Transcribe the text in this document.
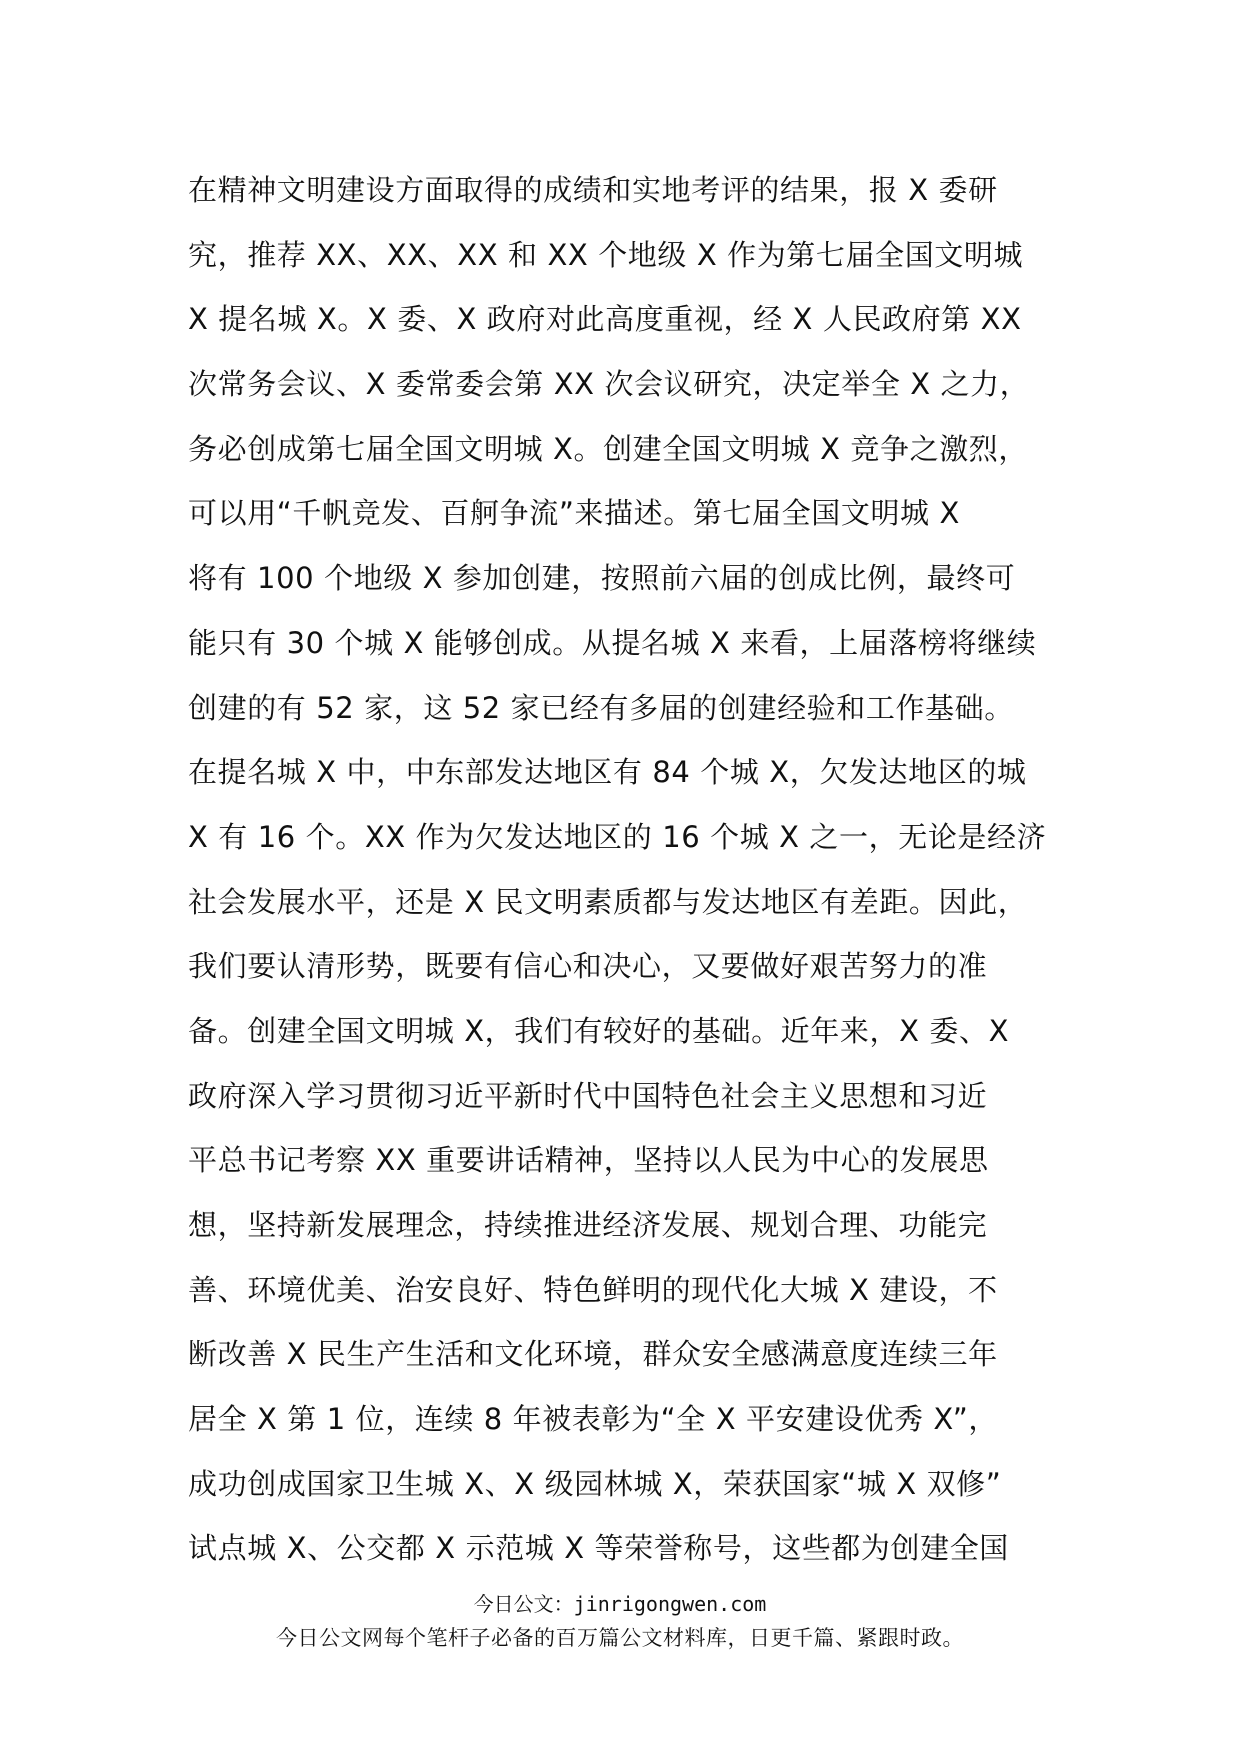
在精神文明建设方面取得的成绩和实地考评的结果，报 X 委研
究，推荐 XX、XX、XX 和 XX 个地级 X 作为第七届全国文明城
X 提名城 X。X 委、X 政府对此高度重视，经 X 人民政府第 XX
次常务会议、X 委常委会第 XX 次会议研究，决定举全 X 之力，
务必创成第七届全国文明城 X。创建全国文明城 X 竞争之激烈，
可以用“千帆竞发、百舸争流”来描述。第七届全国文明城 X
将有 100 个地级 X 参加创建，按照前六届的创成比例，最终可
能只有 30 个城 X 能够创成。从提名城 X 来看，上届落榜将继续
创建的有 52 家，这 52 家已经有多届的创建经验和工作基础。
在提名城 X 中，中东部发达地区有 84 个城 X，欠发达地区的城
X 有 16 个。XX 作为欠发达地区的 16 个城 X 之一，无论是经济
社会发展水平，还是 X 民文明素质都与发达地区有差距。因此，
我们要认清形势，既要有信心和决心，又要做好艰苦努力的准
备。创建全国文明城 X，我们有较好的基础。近年来，X 委、X
政府深入学习贯彻习近平新时代中国特色社会主义思想和习近
平总书记考察 XX 重要讲话精神，坚持以人民为中心的发展思
想，坚持新发展理念，持续推进经济发展、规划合理、功能完
善、环境优美、治安良好、特色鲜明的现代化大城 X 建设，不
断改善 X 民生产生活和文化环境，群众安全感满意度连续三年
居全 X 第 1 位，连续 8 年被表彰为“全 X 平安建设优秀 X”，
成功创成国家卫生城 X、X 级园林城 X，荣获国家“城 X 双修”
试点城 X、公交都 X 示范城 X 等荣誉称号，这些都为创建全国
今日公文：jinrigongwen.com
今日公文网每个笔杆子必备的百万篇公文材料库，日更千篇、紧跟时政。
